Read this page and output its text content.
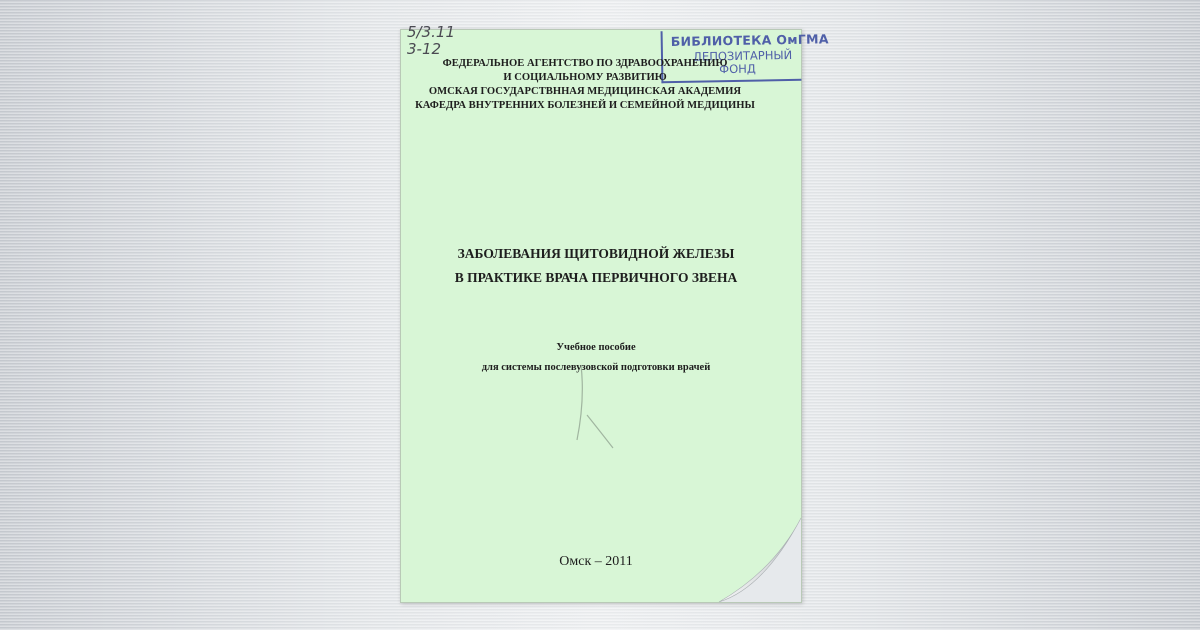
5/3.11
3-12	БИБЛИОТЕКА ОмГМА
ДЕПОЗИТАРНЫЙ
ФОНД
ФЕДЕРАЛЬНОЕ АГЕНТСТВО ПО ЗДРАВООХРАНЕНИЮ
И СОЦИАЛЬНОМУ РАЗВИТИЮ
ОМСКАЯ ГОСУДАРСТВННАЯ МЕДИЦИНСКАЯ АКАДЕМИЯ
КАФЕДРА ВНУТРЕННИХ БОЛЕЗНЕЙ И СЕМЕЙНОЙ МЕДИЦИНЫ
ЗАБОЛЕВАНИЯ ЩИТОВИДНОЙ ЖЕЛЕЗЫ
В ПРАКТИКЕ ВРАЧА ПЕРВИЧНОГО ЗВЕНА
Учебное пособие
для системы послевузовской подготовки врачей
Омск – 2011
